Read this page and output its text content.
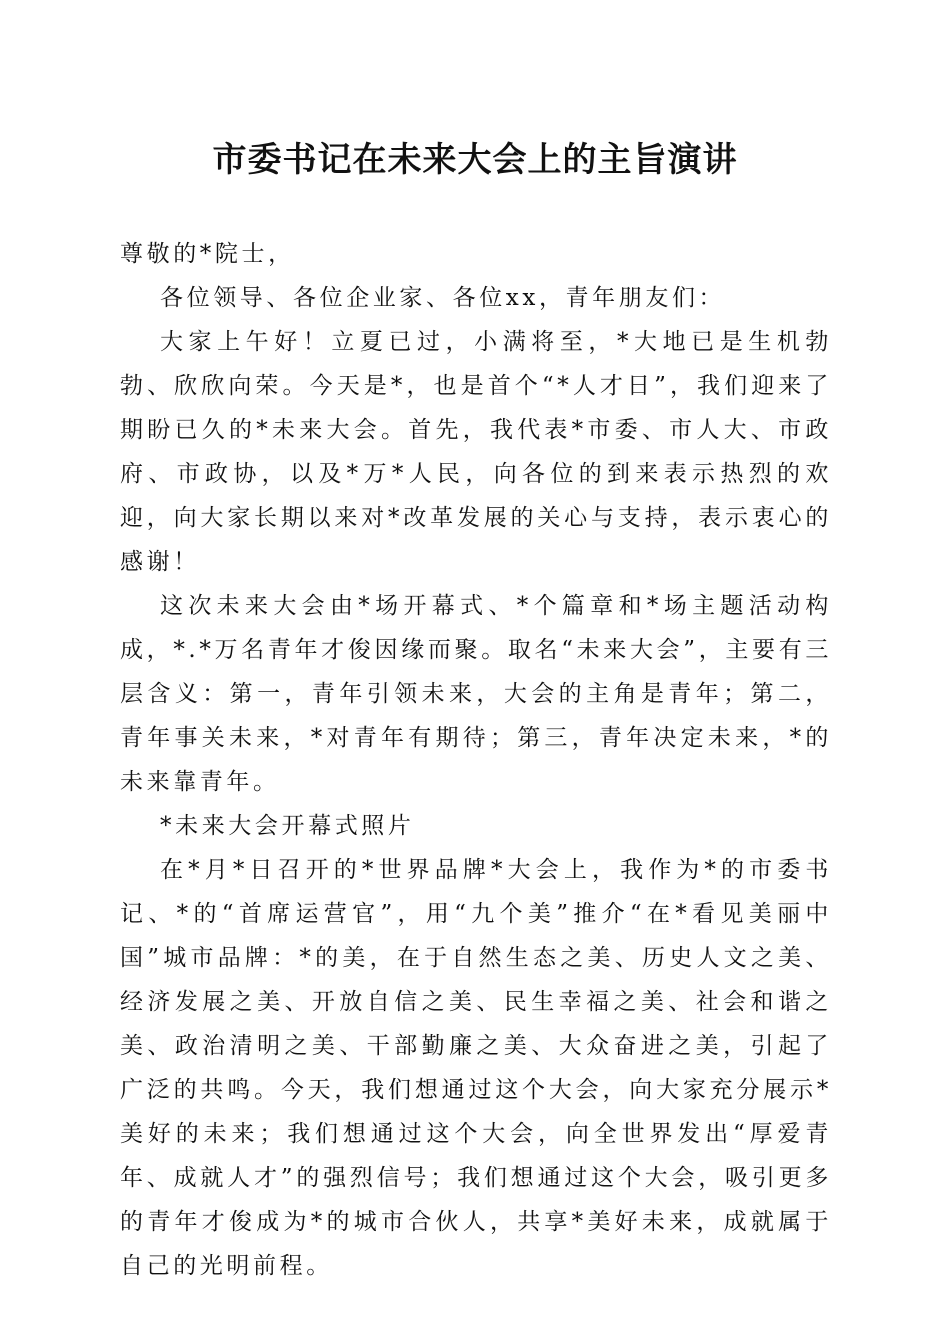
市委书记在未来大会上的主旨演讲

尊敬的*院士，

各位领导、各位企业家、各位xx，青年朋友们：

大家上午好！立夏已过，小满将至，*大地已是生机勃勃、欣欣向荣。今天是*，也是首个“*人才日”，我们迎来了期盼已久的*未来大会。首先，我代表*市委、市人大、市政府、市政协，以及*万*人民，向各位的到来表示热烈的欢迎，向大家长期以来对*改革发展的关心与支持，表示衷心的感谢！

这次未来大会由*场开幕式、*个篇章和*场主题活动构成，*.*万名青年才俊因缘而聚。取名“未来大会”，主要有三层含义：第一，青年引领未来，大会的主角是青年；第二，青年事关未来，*对青年有期待；第三，青年决定未来，*的未来靠青年。

*未来大会开幕式照片

在*月*日召开的*世界品牌*大会上，我作为*的市委书记、*的“首席运营官”，用“九个美”推介“在*看见美丽中国”城市品牌：*的美，在于自然生态之美、历史人文之美、经济发展之美、开放自信之美、民生幸福之美、社会和谐之美、政治清明之美、干部勤廉之美、大众奋进之美，引起了广泛的共鸣。今天，我们想通过这个大会，向大家充分展示*美好的未来；我们想通过这个大会，向全世界发出“厚爱青年、成就人才”的强烈信号；我们想通过这个大会，吸引更多的青年才俊成为*的城市合伙人，共享*美好未来，成就属于自己的光明前程。
